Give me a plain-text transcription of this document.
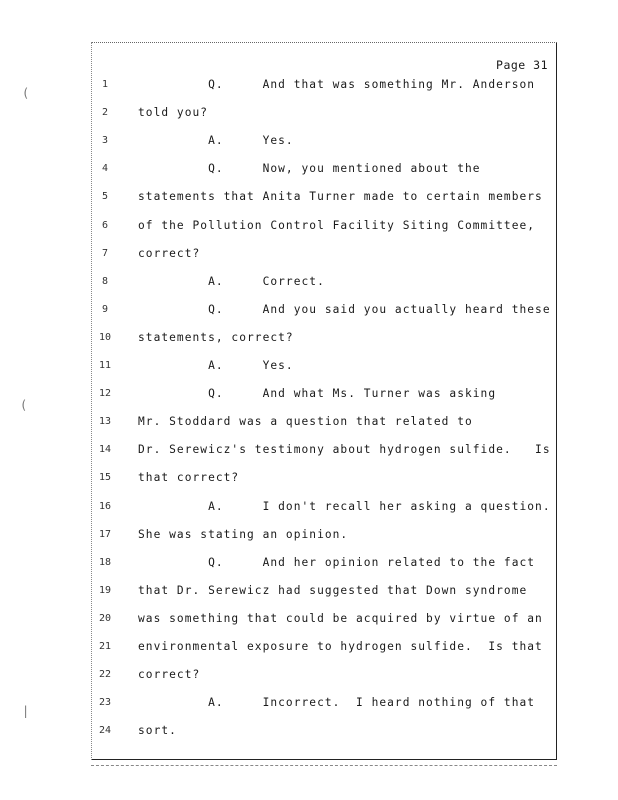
(
(
|
Page 31
1	Q.     And that was something Mr. Anderson
2	told you?
3	A.     Yes.
4	Q.     Now, you mentioned about the
5	statements that Anita Turner made to certain members
6	of the Pollution Control Facility Siting Committee,
7	correct?
8	A.     Correct.
9	Q.     And you said you actually heard these
10	statements, correct?
11	A.     Yes.
12	Q.     And what Ms. Turner was asking
13	Mr. Stoddard was a question that related to
14	Dr. Serewicz's testimony about hydrogen sulfide.   Is
15	that correct?
16	A.     I don't recall her asking a question.
17	She was stating an opinion.
18	Q.     And her opinion related to the fact
19	that Dr. Serewicz had suggested that Down syndrome
20	was something that could be acquired by virtue of an
21	environmental exposure to hydrogen sulfide.  Is that
22	correct?
23	A.     Incorrect.  I heard nothing of that
24	sort.
